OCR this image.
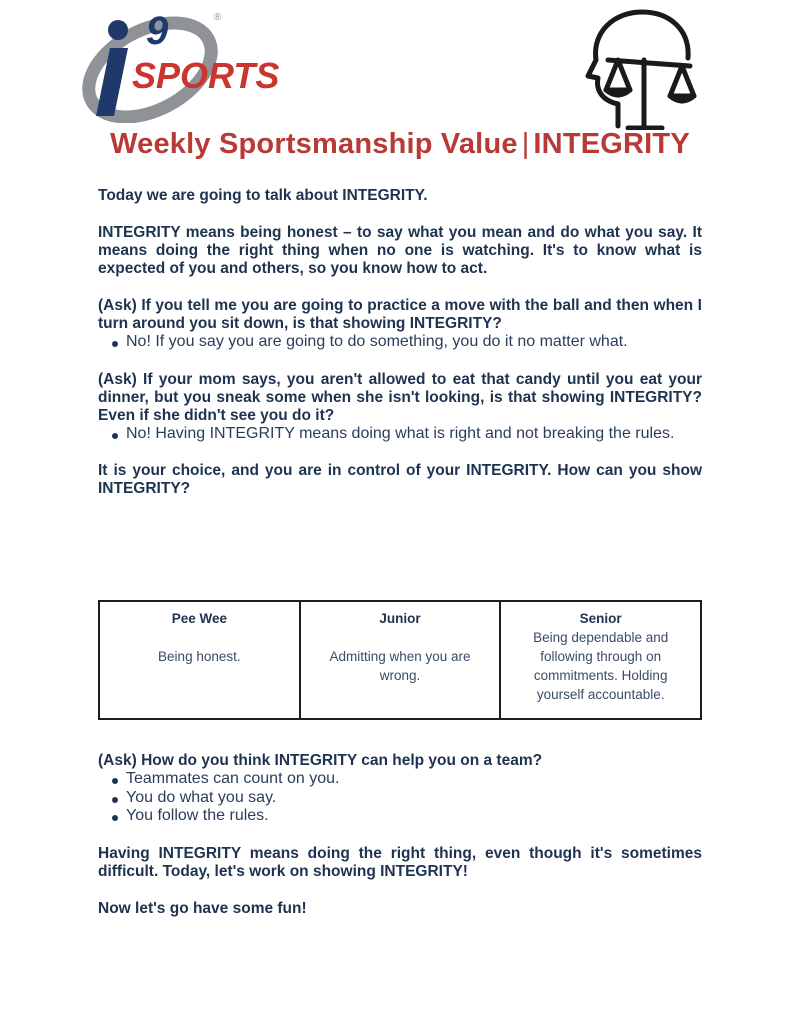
9
SPORTS
®
Weekly Sportsmanship Value | INTEGRITY

Today we are going to talk about INTEGRITY.

INTEGRITY means being honest – to say what you mean and do what you say. It means doing the right thing when no one is watching. It's to know what is expected of you and others, so you know how to act.

(Ask) If you tell me you are going to practice a move with the ball and then when I turn around you sit down, is that showing INTEGRITY?

No! If you say you are going to do something, you do it no matter what.

(Ask) If your mom says, you aren't allowed to eat that candy until you eat your dinner, but you sneak some when she isn't looking, is that showing INTEGRITY? Even if she didn't see you do it?

No! Having INTEGRITY means doing what is right and not breaking the rules.

It is your choice, and you are in control of your INTEGRITY. How can you show INTEGRITY?

Pee Wee
Being honest.
Junior
Admitting when you are wrong.
Senior
Being dependable and following through on commitments. Holding yourself accountable.

(Ask) How do you think INTEGRITY can help you on a team?

Teammates can count on you.
You do what you say.
You follow the rules.

Having INTEGRITY means doing the right thing, even though it's sometimes difficult. Today, let's work on showing INTEGRITY!

Now let's go have some fun!
